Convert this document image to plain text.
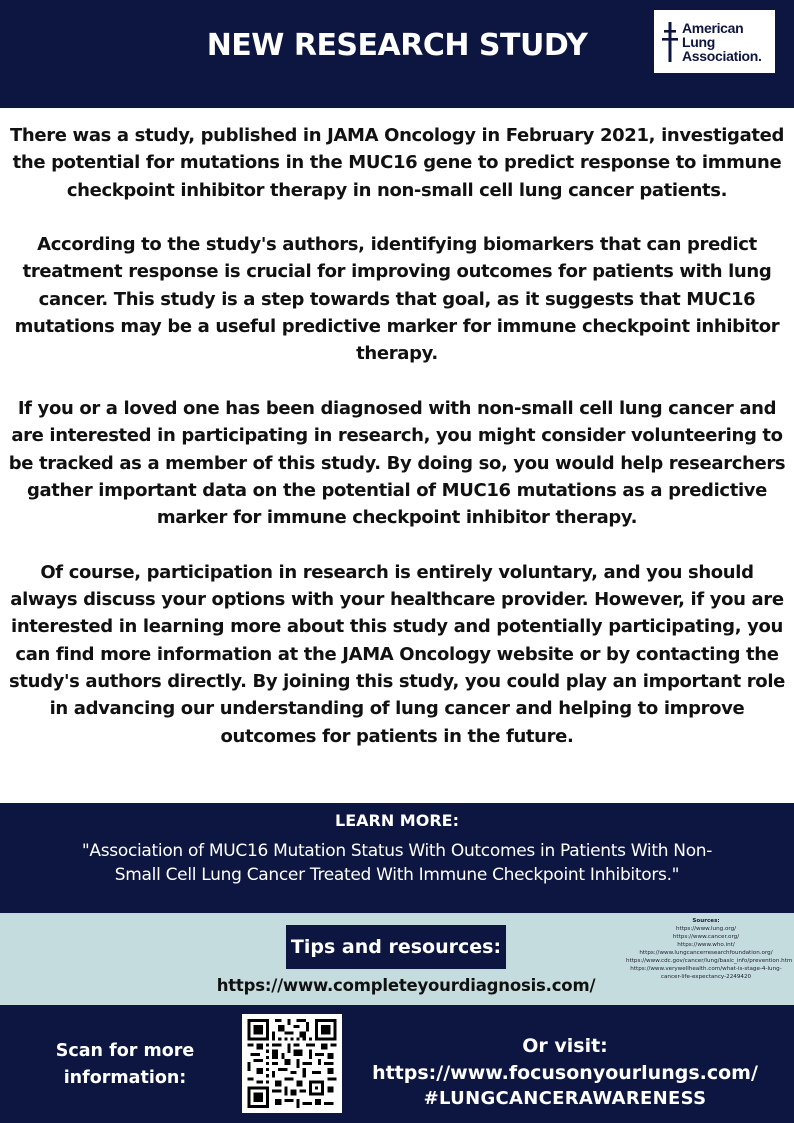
NEW RESEARCH STUDY
American
Lung
Association.

There was a study, published in JAMA Oncology in February 2021, investigated the potential for mutations in the MUC16 gene to predict response to immune checkpoint inhibitor therapy in non-small cell lung cancer patients.

According to the study's authors, identifying biomarkers that can predict treatment response is crucial for improving outcomes for patients with lung cancer. This study is a step towards that goal, as it suggests that MUC16 mutations may be a useful predictive marker for immune checkpoint inhibitor therapy.

If you or a loved one has been diagnosed with non-small cell lung cancer and are interested in participating in research, you might consider volunteering to be tracked as a member of this study. By doing so, you would help researchers gather important data on the potential of MUC16 mutations as a predictive marker for immune checkpoint inhibitor therapy.

Of course, participation in research is entirely voluntary, and you should always discuss your options with your healthcare provider. However, if you are interested in learning more about this study and potentially participating, you can find more information at the JAMA Oncology website or by contacting the study's authors directly. By joining this study, you could play an important role in advancing our understanding of lung cancer and helping to improve outcomes for patients in the future.

LEARN MORE:
"Association of MUC16 Mutation Status With Outcomes in Patients With Non-Small Cell Lung Cancer Treated With Immune Checkpoint Inhibitors."
Tips and resources:
https://www.completeyourdiagnosis.com/
Sources:
https://www.lung.org/
https://www.cancer.org/
https://www.who.int/
https://www.lungcancerresearchfoundation.org/
https://www.cdc.gov/cancer/lung/basic_info/prevention.htm
https://www.verywellhealth.com/what-is-stage-4-lung-cancer-life-expectancy-2249420
Scan for more information:
Or visit:
https://www.focusonyourlungs.com/
#LUNGCANCERAWARENESS
